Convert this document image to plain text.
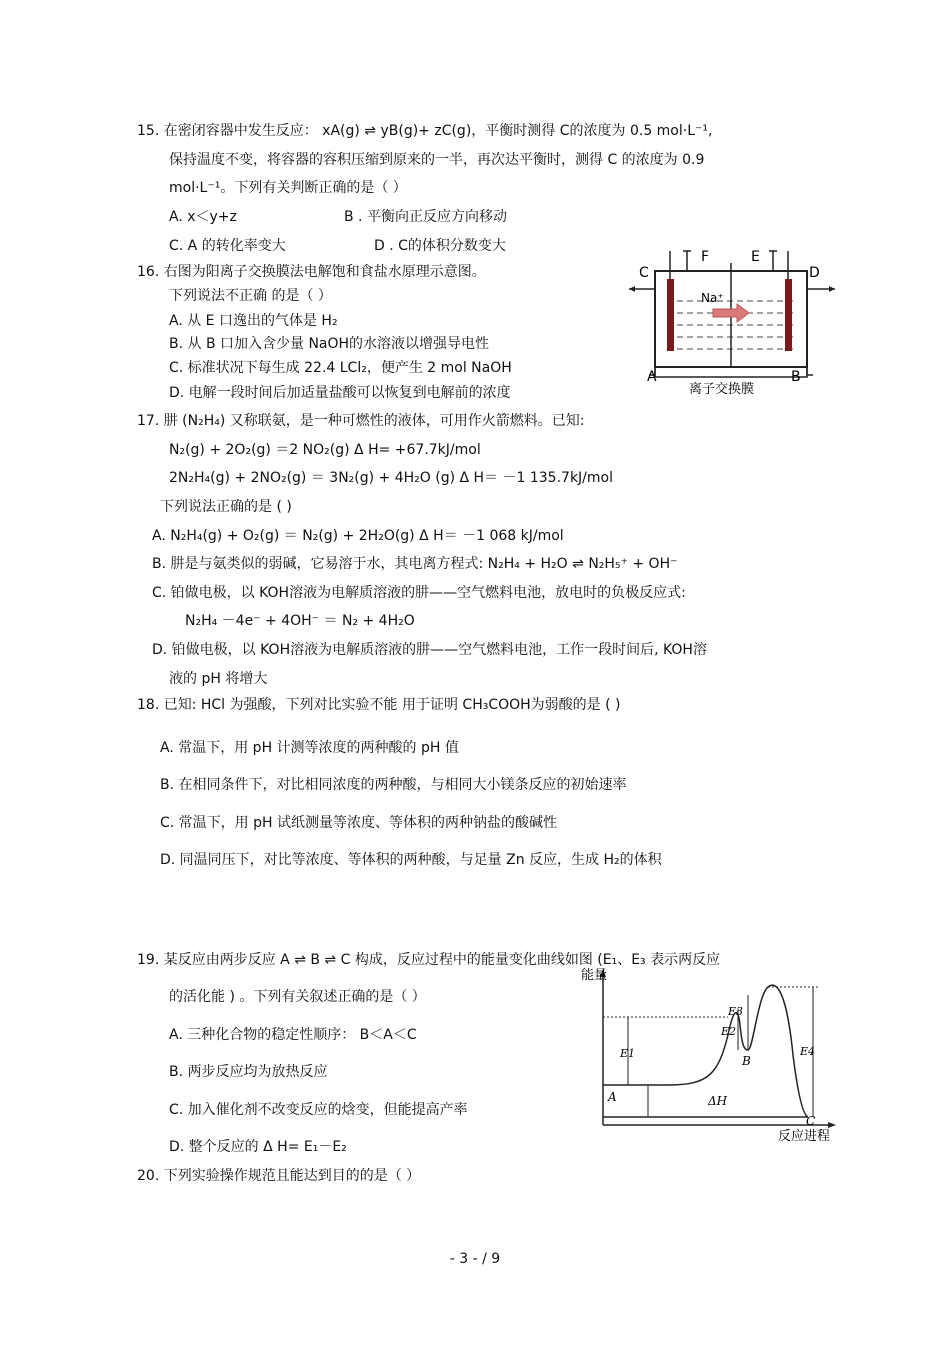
15. 在密闭容器中发生反应： xA(g) ⇌ yB(g)+ zC(g)，平衡时测得 C的浓度为 0.5 mol·L⁻¹,
保持温度不变，将容器的容积压缩到原来的一半，再次达平衡时，测得 C 的浓度为 0.9
mol·L⁻¹。下列有关判断正确的是（ ）
A. x＜y+z	B . 平衡向正反应方向移动
C. A 的转化率变大	D . C的体积分数变大
16. 右图为阳离子交换膜法电解饱和食盐水原理示意图。
下列说法不正确 的是（ ）
A. 从 E 口逸出的气体是 H₂
B. 从 B 口加入含少量 NaOH的水溶液以增强导电性
C. 标准状况下每生成 22.4 LCl₂，便产生 2 mol NaOH
D. 电解一段时间后加适量盐酸可以恢复到电解前的浓度
Na⁺
C	D
E
F
A	B
离子交换膜
17. 肼 (N₂H₄) 又称联氨，是一种可燃性的液体，可用作火箭燃料。已知:
N₂(g) + 2O₂(g) ＝2 NO₂(g) Δ H= +67.7kJ/mol
2N₂H₄(g) + 2NO₂(g) ＝ 3N₂(g) + 4H₂O (g) Δ H＝ －1 135.7kJ/mol
下列说法正确的是 ( )
A. N₂H₄(g) + O₂(g) ＝ N₂(g) + 2H₂O(g) Δ H＝ －1 068 kJ/mol
B. 肼是与氨类似的弱碱，它易溶于水，其电离方程式: N₂H₄ + H₂O ⇌ N₂H₅⁺ + OH⁻
C. 铂做电极，以 KOH溶液为电解质溶液的肼——空气燃料电池，放电时的负极反应式:
N₂H₄ －4e⁻ + 4OH⁻ ＝ N₂ + 4H₂O
D. 铂做电极，以 KOH溶液为电解质溶液的肼——空气燃料电池，工作一段时间后, KOH溶
液的 pH 将增大
18. 已知: HCl 为强酸，下列对比实验不能 用于证明 CH₃COOH为弱酸的是 ( )
A. 常温下，用 pH 计测等浓度的两种酸的 pH 值
B. 在相同条件下，对比相同浓度的两种酸，与相同大小镁条反应的初始速率
C. 常温下，用 pH 试纸测量等浓度、等体积的两种钠盐的酸碱性
D. 同温同压下，对比等浓度、等体积的两种酸，与足量 Zn 反应，生成 H₂的体积
19. 某反应由两步反应 A ⇌ B ⇌ C 构成，反应过程中的能量变化曲线如图 (E₁、E₃ 表示两反应
的活化能 ) 。下列有关叙述正确的是（ ）
A. 三种化合物的稳定性顺序： B＜A＜C
B. 两步反应均为放热反应
C. 加入催化剂不改变反应的焓变，但能提高产率
D. 整个反应的 Δ H= E₁－E₂
能量
反应进程
E1
E2
E3
E4
A
B
C
ΔH
20. 下列实验操作规范且能达到目的的是（ ）
- 3 - / 9
